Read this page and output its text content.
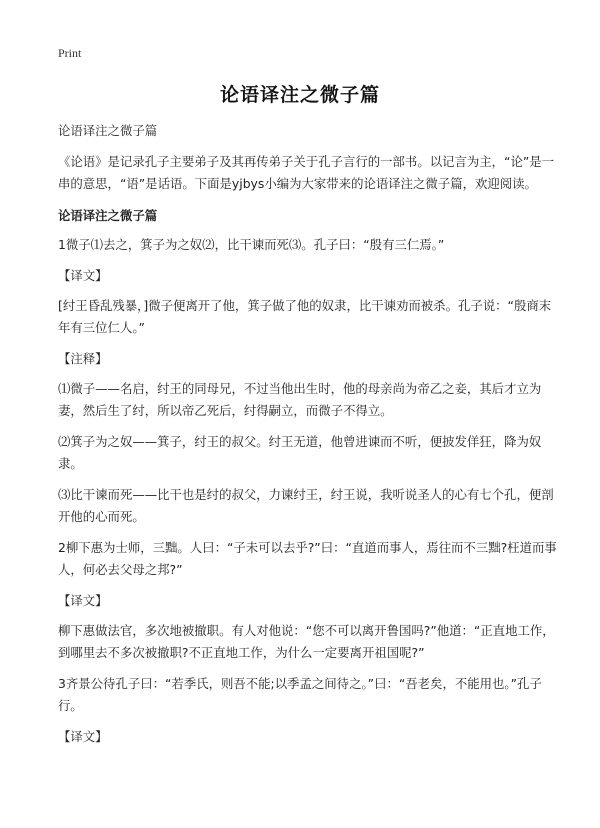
Print
论语译注之微子篇

论语译注之微子篇

《论语》是记录孔子主要弟子及其再传弟子关于孔子言行的一部书。以记言为主，“论”是一串的意思，“语”是话语。下面是yjbys小编为大家带来的论语译注之微子篇，欢迎阅读。

论语译注之微子篇

1微子⑴去之，箕子为之奴⑵，比干谏而死⑶。孔子曰：“殷有三仁焉。”

【译文】

[纣王昏乱残暴，]微子便离开了他，箕子做了他的奴隶，比干谏劝而被杀。孔子说：“殷商末年有三位仁人。”

【注释】

⑴微子——名启，纣王的同母兄，不过当他出生时，他的母亲尚为帝乙之妾，其后才立为妻，然后生了纣，所以帝乙死后，纣得嗣立，而微子不得立。

⑵箕子为之奴——箕子，纣王的叔父。纣王无道，他曾进谏而不听，便披发佯狂，降为奴隶。

⑶比干谏而死——比干也是纣的叔父，力谏纣王，纣王说，我听说圣人的心有七个孔，便剖开他的心而死。

2柳下惠为士师，三黜。人曰：“子未可以去乎?”曰：“直道而事人，焉往而不三黜?枉道而事人，何必去父母之邦?”

【译文】

柳下惠做法官，多次地被撤职。有人对他说：“您不可以离开鲁国吗?”他道：“正直地工作，到哪里去不多次被撤职?不正直地工作，为什么一定要离开祖国呢?”

3齐景公待孔子曰：“若季氏，则吾不能;以季孟之间待之。”曰：“吾老矣，不能用也。”孔子行。

【译文】
